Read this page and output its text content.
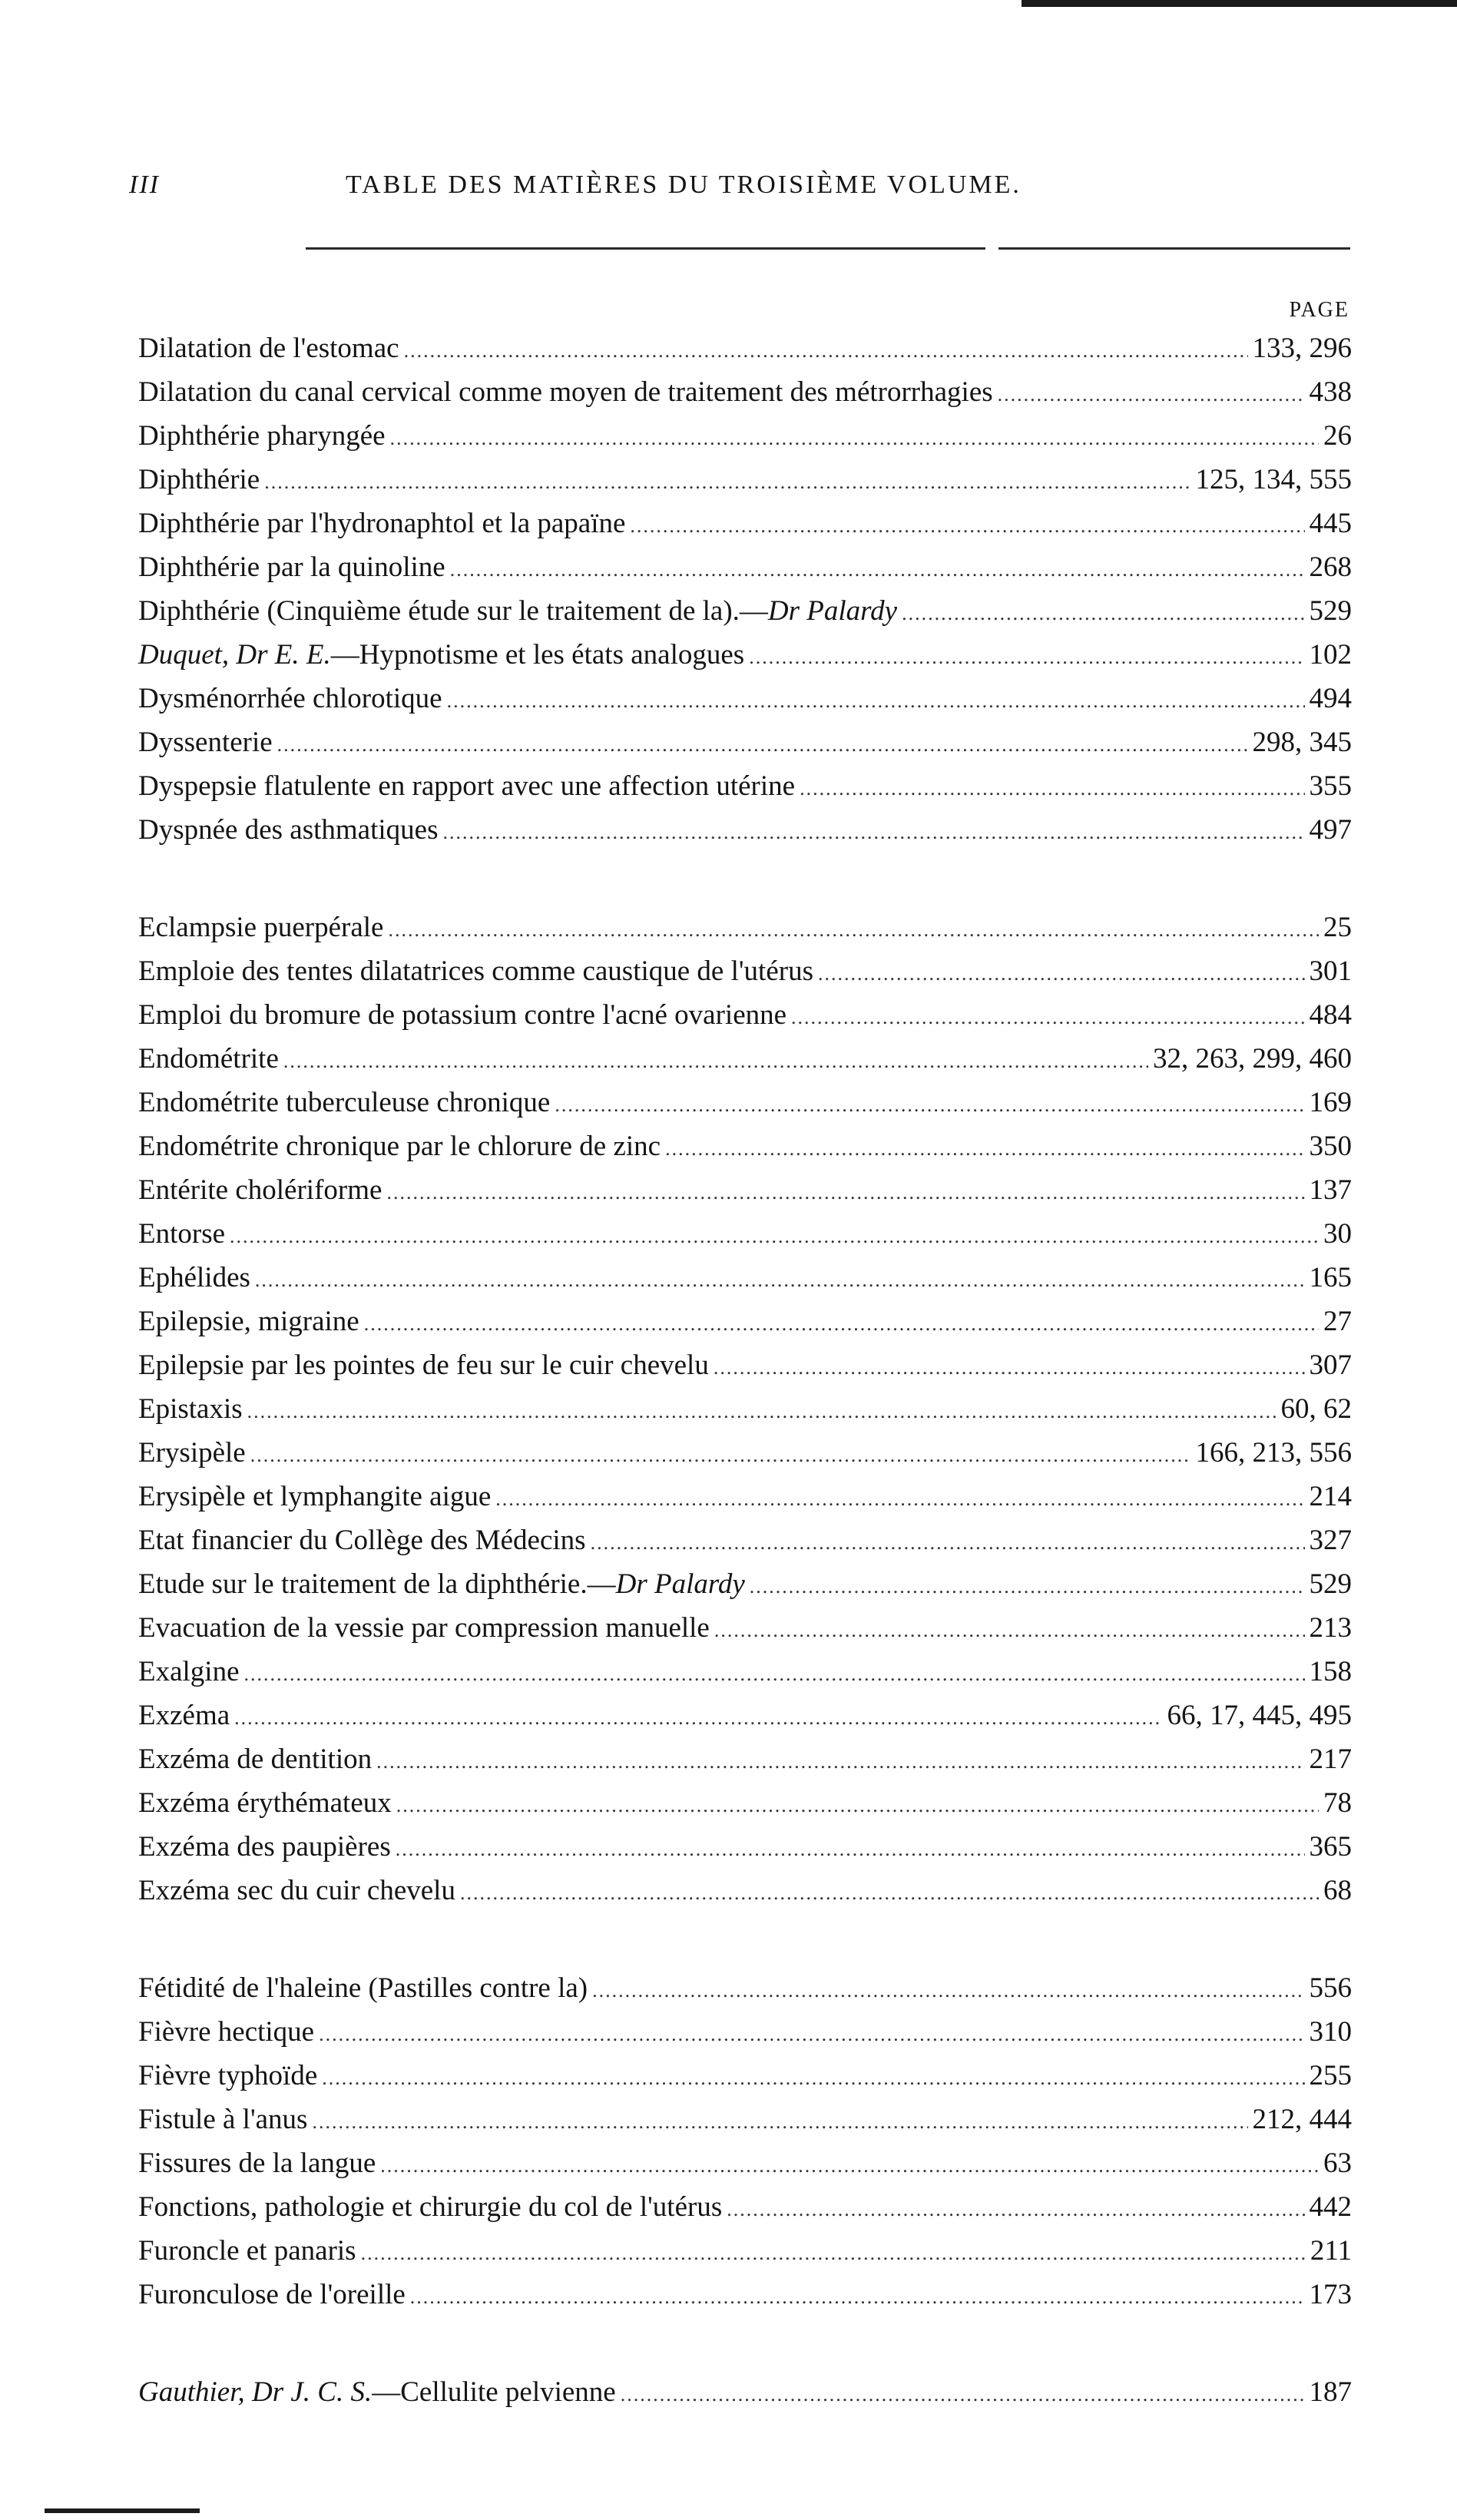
III	TABLE DES MATIÈRES DU TROISIÈME VOLUME.
PAGE
Dilatation de l'estomac .....	133, 296
Dilatation du canal cervical comme moyen de traitement des métrorrhagies .....	438
Diphthérie pharyngée .....	26
Diphthérie .....	125, 134, 555
Diphthérie par l'hydronaphtol et la papaïne .....	445
Diphthérie par la quinoline .....	268
Diphthérie (Cinquième étude sur le traitement de la).—Dr Palardy .....	529
Duquet, Dr E. E.—Hypnotisme et les états analogues .....	102
Dysménorrhée chlorotique .....	494
Dyssenterie .....	298, 345
Dyspepsie flatulente en rapport avec une affection utérine .....	355
Dyspnée des asthmatiques .....	497
Eclampsie puerpérale .....	25
Emploie des tentes dilatatrices comme caustique de l'utérus .....	301
Emploi du bromure de potassium contre l'acné ovarienne .....	484
Endométrite .....	32, 263, 299, 460
Endométrite tuberculeuse chronique .....	169
Endométrite chronique par le chlorure de zinc .....	350
Entérite cholériforme .....	137
Entorse .....	30
Ephélides .....	165
Epilepsie, migraine .....	27
Epilepsie par les pointes de feu sur le cuir chevelu .....	307
Epistaxis .....	60, 62
Erysipèle .....	166, 213, 556
Erysipèle et lymphangite aigue .....	214
Etat financier du Collège des Médecins .....	327
Etude sur le traitement de la diphthérie.—Dr Palardy .....	529
Evacuation de la vessie par compression manuelle .....	213
Exalgine .....	158
Exzéma .....	66, 17, 445, 495
Exzéma de dentition .....	217
Exzéma érythémateux .....	78
Exzéma des paupières .....	365
Exzéma sec du cuir chevelu .....	68
Fétidité de l'haleine (Pastilles contre la) .....	556
Fièvre hectique .....	310
Fièvre typhoïde .....	255
Fistule à l'anus .....	212, 444
Fissures de la langue .....	63
Fonctions, pathologie et chirurgie du col de l'utérus .....	442
Furoncle et panaris .....	211
Furonculose de l'oreille .....	173
Gauthier, Dr J. C. S.—Cellulite pelvienne .....	187
